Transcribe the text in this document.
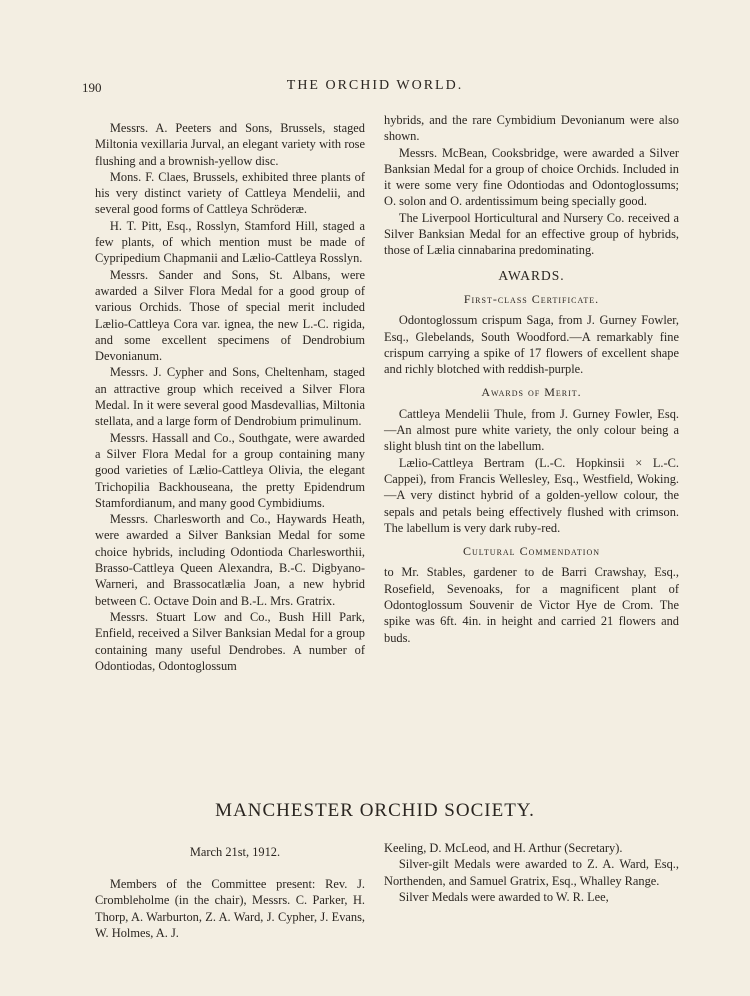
190	THE ORCHID WORLD.

Messrs. A. Peeters and Sons, Brussels, staged Miltonia vexillaria Jurval, an elegant variety with rose flushing and a brownish-yellow disc.

Mons. F. Claes, Brussels, exhibited three plants of his very distinct variety of Cattleya Mendelii, and several good forms of Cattleya Schröderæ.

H. T. Pitt, Esq., Rosslyn, Stamford Hill, staged a few plants, of which mention must be made of Cypripedium Chapmanii and Lælio-Cattleya Rosslyn.

Messrs. Sander and Sons, St. Albans, were awarded a Silver Flora Medal for a good group of various Orchids. Those of special merit included Lælio-Cattleya Cora var. ignea, the new L.-C. rigida, and some excellent specimens of Dendrobium Devonianum.

Messrs. J. Cypher and Sons, Cheltenham, staged an attractive group which received a Silver Flora Medal. In it were several good Masdevallias, Miltonia stellata, and a large form of Dendrobium primulinum.

Messrs. Hassall and Co., Southgate, were awarded a Silver Flora Medal for a group containing many good varieties of Lælio-Cattleya Olivia, the elegant Trichopilia Backhouseana, the pretty Epidendrum Stamfordianum, and many good Cymbidiums.

Messrs. Charlesworth and Co., Haywards Heath, were awarded a Silver Banksian Medal for some choice hybrids, including Odontioda Charlesworthii, Brasso-Cattleya Queen Alexandra, B.-C. Digbyano-Warneri, and Brassocatlælia Joan, a new hybrid between C. Octave Doin and B.-L. Mrs. Gratrix.

Messrs. Stuart Low and Co., Bush Hill Park, Enfield, received a Silver Banksian Medal for a group containing many useful Dendrobes. A number of Odontiodas, Odontoglossum

hybrids, and the rare Cymbidium Devonianum were also shown.

Messrs. McBean, Cooksbridge, were awarded a Silver Banksian Medal for a group of choice Orchids. Included in it were some very fine Odontiodas and Odontoglossums; O. solon and O. ardentissimum being specially good.

The Liverpool Horticultural and Nursery Co. received a Silver Banksian Medal for an effective group of hybrids, those of Lælia cinnabarina predominating.

AWARDS.
First-class Certificate.

Odontoglossum crispum Saga, from J. Gurney Fowler, Esq., Glebelands, South Woodford.—A remarkably fine crispum carrying a spike of 17 flowers of excellent shape and richly blotched with reddish-purple.

Awards of Merit.

Cattleya Mendelii Thule, from J. Gurney Fowler, Esq.—An almost pure white variety, the only colour being a slight blush tint on the labellum.

Lælio-Cattleya Bertram (L.-C. Hopkinsii × L.-C. Cappei), from Francis Wellesley, Esq., Westfield, Woking.—A very distinct hybrid of a golden-yellow colour, the sepals and petals being effectively flushed with crimson. The labellum is very dark ruby-red.

Cultural Commendation

to Mr. Stables, gardener to de Barri Crawshay, Esq., Rosefield, Sevenoaks, for a magnificent plant of Odontoglossum Souvenir de Victor Hye de Crom. The spike was 6ft. 4in. in height and carried 21 flowers and buds.

MANCHESTER ORCHID SOCIETY.
March 21st, 1912.

Members of the Committee present: Rev. J. Crombleholme (in the chair), Messrs. C. Parker, H. Thorp, A. Warburton, Z. A. Ward, J. Cypher, J. Evans, W. Holmes, A. J.

Keeling, D. McLeod, and H. Arthur (Secretary).

Silver-gilt Medals were awarded to Z. A. Ward, Esq., Northenden, and Samuel Gratrix, Esq., Whalley Range.

Silver Medals were awarded to W. R. Lee,
